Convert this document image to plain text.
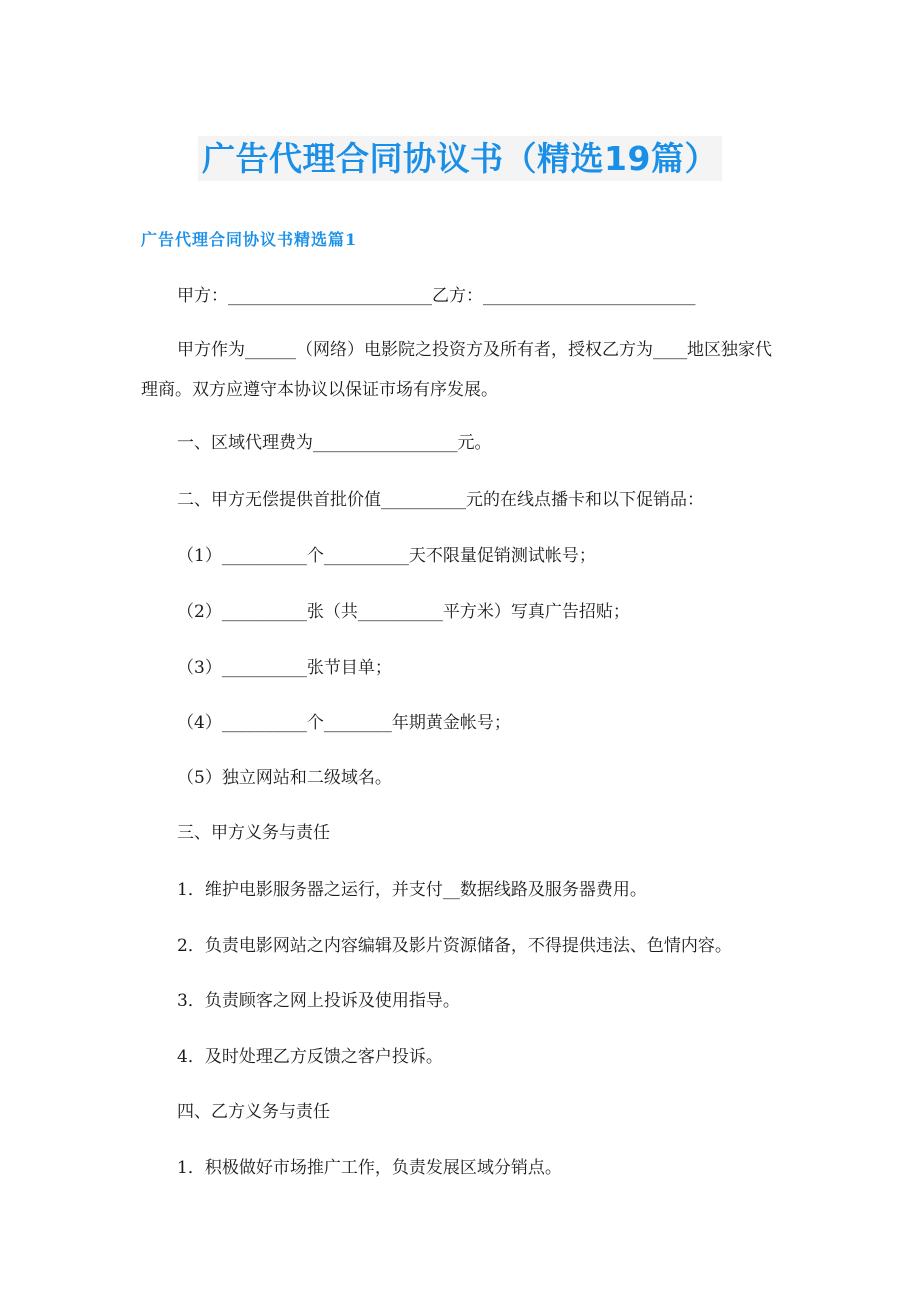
广告代理合同协议书（精选19篇）
广告代理合同协议书精选篇1
甲方：________________________乙方：_________________________
甲方作为______（网络）电影院之投资方及所有者，授权乙方为____地区独家代理商。双方应遵守本协议以保证市场有序发展。
一、区域代理费为_________________元。
二、甲方无偿提供首批价值__________元的在线点播卡和以下促销品：
（1）__________个__________天不限量促销测试帐号；
（2）__________张（共__________平方米）写真广告招贴；
（3）__________张节目单；
（4）__________个________年期黄金帐号；
（5）独立网站和二级域名。
三、甲方义务与责任
1．维护电影服务器之运行，并支付__数据线路及服务器费用。
2．负责电影网站之内容编辑及影片资源储备，不得提供违法、色情内容。
3．负责顾客之网上投诉及使用指导。
4．及时处理乙方反馈之客户投诉。
四、乙方义务与责任
1．积极做好市场推广工作，负责发展区域分销点。
